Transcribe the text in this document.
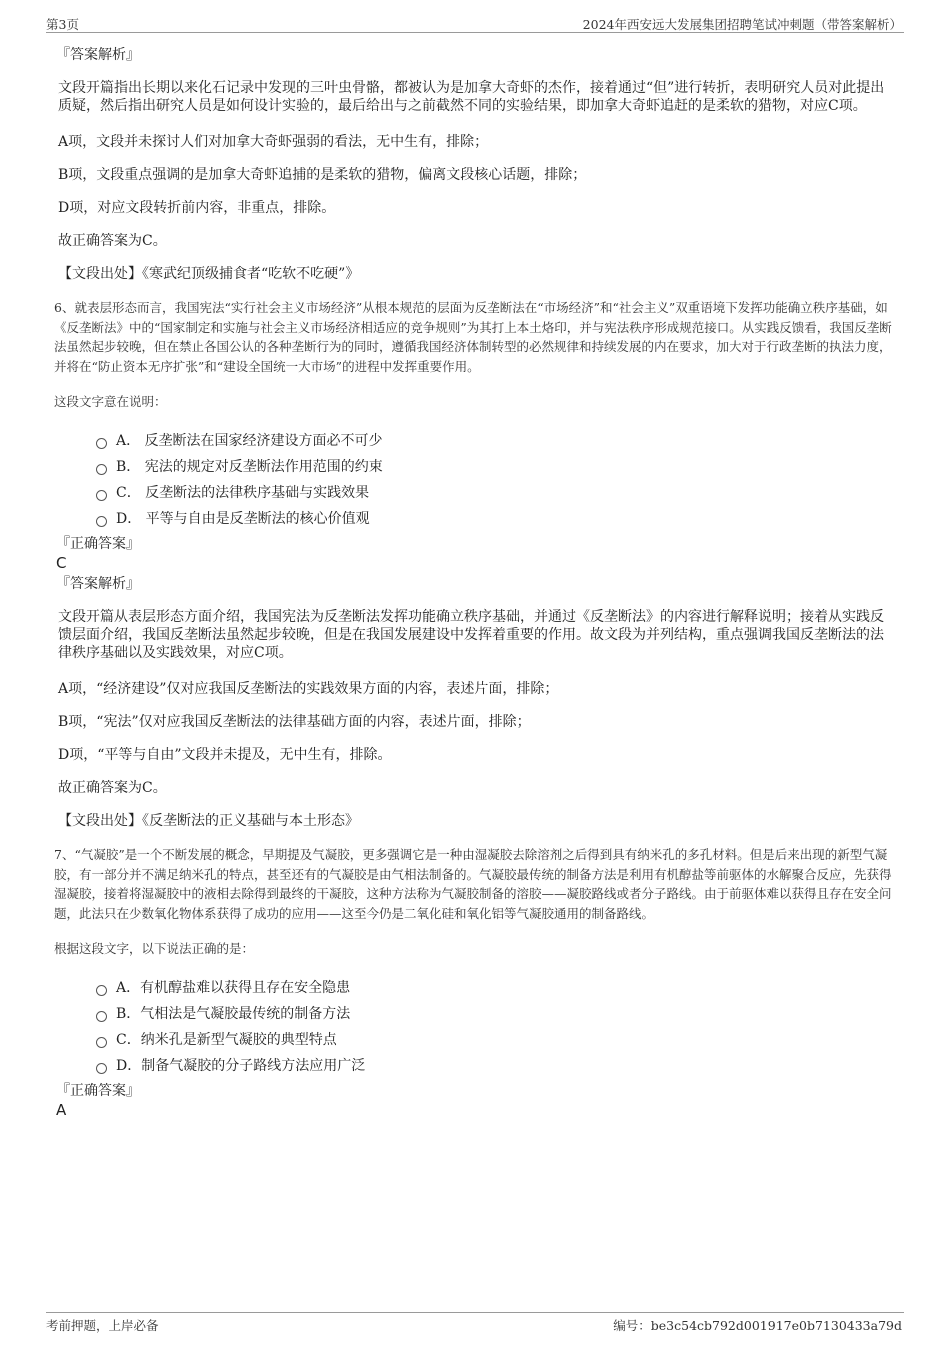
第3页	2024年西安远大发展集团招聘笔试冲刺题（带答案解析）

『答案解析』

文段开篇指出长期以来化石记录中发现的三叶虫骨骼，都被认为是加拿大奇虾的杰作，接着通过“但”进行转折，表明研究人员对此提出质疑，然后指出研究人员是如何设计实验的，最后给出与之前截然不同的实验结果，即加拿大奇虾追赶的是柔软的猎物，对应C项。

A项，文段并未探讨人们对加拿大奇虾强弱的看法，无中生有，排除；

B项，文段重点强调的是加拿大奇虾追捕的是柔软的猎物，偏离文段核心话题，排除；

D项，对应文段转折前内容，非重点，排除。

故正确答案为C。

【文段出处】《寒武纪顶级捕食者“吃软不吃硬”》

6、就表层形态而言，我国宪法“实行社会主义市场经济”从根本规范的层面为反垄断法在“市场经济”和“社会主义”双重语境下发挥功能确立秩序基础，如《反垄断法》中的“国家制定和实施与社会主义市场经济相适应的竞争规则”为其打上本土烙印，并与宪法秩序形成规范接口。从实践反馈看，我国反垄断法虽然起步较晚，但在禁止各国公认的各种垄断行为的同时，遵循我国经济体制转型的必然规律和持续发展的内在要求，加大对于行政垄断的执法力度，并将在“防止资本无序扩张”和“建设全国统一大市场”的进程中发挥重要作用。

这段文字意在说明：

A． 反垄断法在国家经济建设方面必不可少
B． 宪法的规定对反垄断法作用范围的约束
C． 反垄断法的法律秩序基础与实践效果
D． 平等与自由是反垄断法的核心价值观

『正确答案』

C

『答案解析』

文段开篇从表层形态方面介绍，我国宪法为反垄断法发挥功能确立秩序基础，并通过《反垄断法》的内容进行解释说明；接着从实践反馈层面介绍，我国反垄断法虽然起步较晚，但是在我国发展建设中发挥着重要的作用。故文段为并列结构，重点强调我国反垄断法的法律秩序基础以及实践效果，对应C项。

A项，“经济建设”仅对应我国反垄断法的实践效果方面的内容，表述片面，排除；

B项，“宪法”仅对应我国反垄断法的法律基础方面的内容，表述片面，排除；

D项，“平等与自由”文段并未提及，无中生有，排除。

故正确答案为C。

【文段出处】《反垄断法的正义基础与本土形态》

7、“气凝胶”是一个不断发展的概念，早期提及气凝胶，更多强调它是一种由湿凝胶去除溶剂之后得到具有纳米孔的多孔材料。但是后来出现的新型气凝胶，有一部分并不满足纳米孔的特点，甚至还有的气凝胶是由气相法制备的。气凝胶最传统的制备方法是利用有机醇盐等前驱体的水解聚合反应，先获得湿凝胶，接着将湿凝胶中的液相去除得到最终的干凝胶，这种方法称为气凝胶制备的溶胶——凝胶路线或者分子路线。由于前驱体难以获得且存在安全问题，此法只在少数氧化物体系获得了成功的应用——这至今仍是二氧化硅和氧化铝等气凝胶通用的制备路线。

根据这段文字，以下说法正确的是：

A．有机醇盐难以获得且存在安全隐患
B．气相法是气凝胶最传统的制备方法
C．纳米孔是新型气凝胶的典型特点
D．制备气凝胶的分子路线方法应用广泛

『正确答案』

A

考前押题，上岸必备	编号：be3c54cb792d001917e0b7130433a79d
